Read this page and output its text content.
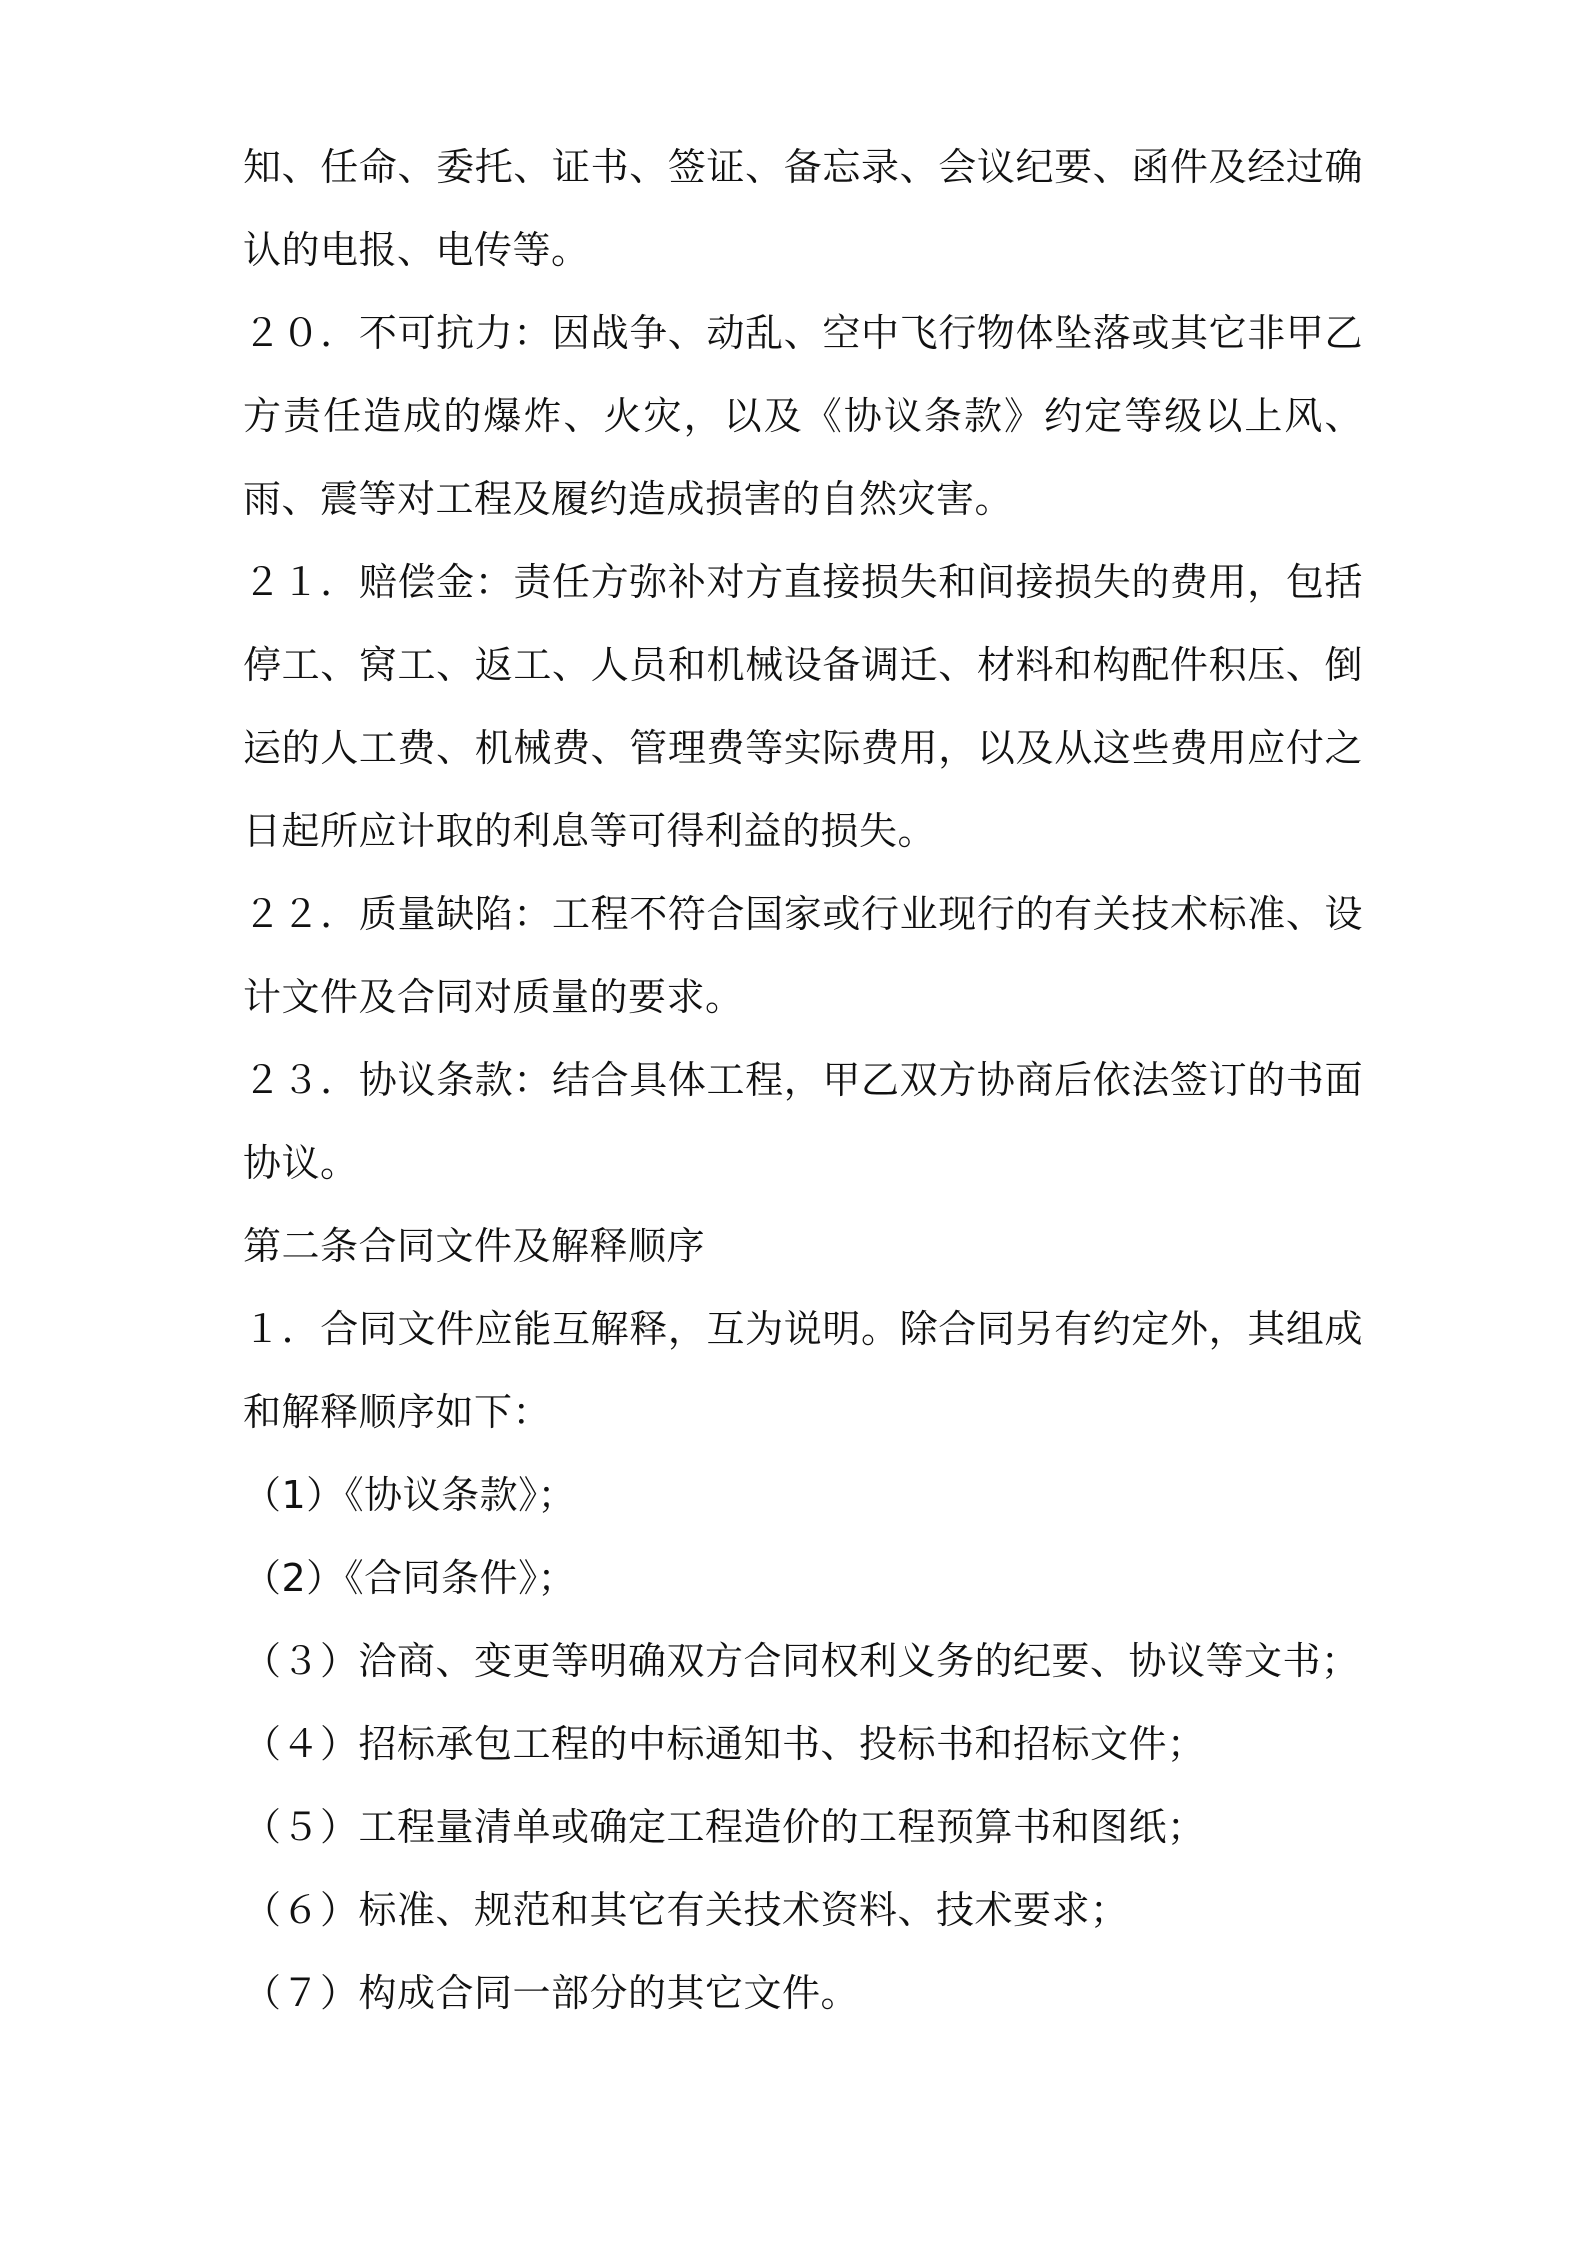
知、任命、委托、证书、签证、备忘录、会议纪要、函件及经过确认的电报、电传等。

２０．不可抗力：因战争、动乱、空中飞行物体坠落或其它非甲乙方责任造成的爆炸、火灾，以及《协议条款》约定等级以上风、雨、震等对工程及履约造成损害的自然灾害。

２１．赔偿金：责任方弥补对方直接损失和间接损失的费用，包括停工、窝工、返工、人员和机械设备调迁、材料和构配件积压、倒运的人工费、机械费、管理费等实际费用，以及从这些费用应付之日起所应计取的利息等可得利益的损失。

２２．质量缺陷：工程不符合国家或行业现行的有关技术标准、设计文件及合同对质量的要求。

２３．协议条款：结合具体工程，甲乙双方协商后依法签订的书面协议。

第二条合同文件及解释顺序

１．合同文件应能互解释，互为说明。除合同另有约定外，其组成和解释顺序如下：

（1）《协议条款》；

（2）《合同条件》；

（３）洽商、变更等明确双方合同权利义务的纪要、协议等文书；

（４）招标承包工程的中标通知书、投标书和招标文件；

（５）工程量清单或确定工程造价的工程预算书和图纸；

（６）标准、规范和其它有关技术资料、技术要求；

（７）构成合同一部分的其它文件。
